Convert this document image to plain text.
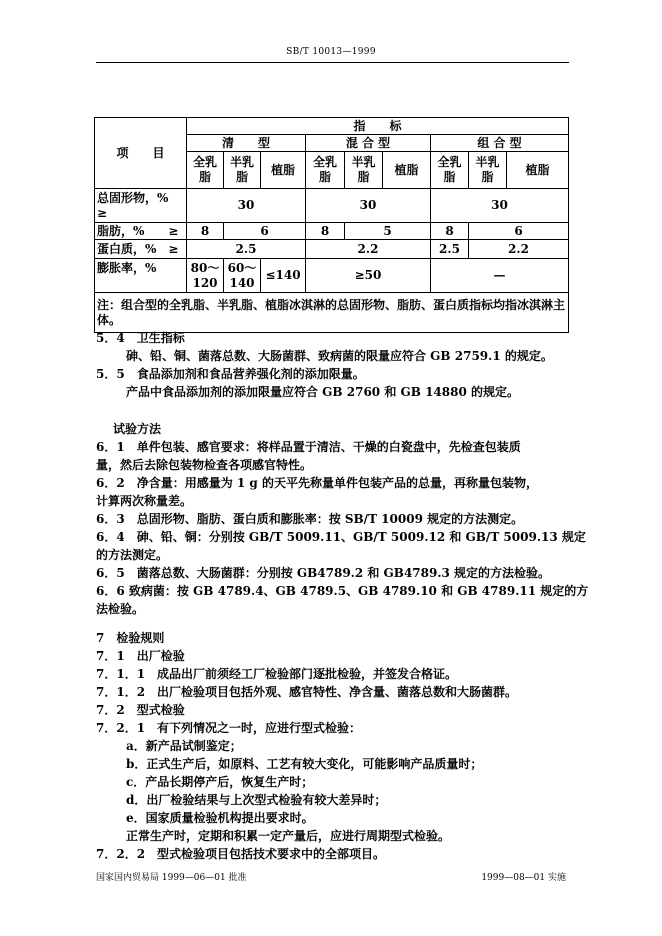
SB/T 10013—1999
项　　目	指　　标								
	清　　型			混 合 型			组 合 型		
	全乳脂	半乳脂	植脂	全乳脂	半乳脂	植脂	全乳脂	半乳脂	植脂
总固形物，%　　≥	30			30			30		
脂肪，%　　≥	8	6		8	5		8	6	
蛋白质，%　≥	2.5			2.2			2.5	2.2	
膨胀率，%	80～120	60～140	≤140	≥50			—		
注：组合型的全乳脂、半乳脂、植脂冰淇淋的总固形物、脂肪、蛋白质指标均指冰淇淋主体。									
5．4　卫生指标
砷、铅、铜、菌落总数、大肠菌群、致病菌的限量应符合 GB 2759.1 的规定。
5．5　食品添加剂和食品营养强化剂的添加限量。
产品中食品添加剂的添加限量应符合 GB 2760 和 GB 14880 的规定。
试验方法
6．1　单件包装、感官要求：将样品置于清洁、干燥的白瓷盘中，先检查包装质
量，然后去除包装物检查各项感官特性。
6．2　净含量：用感量为 1 g 的天平先称量单件包装产品的总量，再称量包装物，
计算两次称量差。
6．3　总固形物、脂肪、蛋白质和膨胀率：按 SB/T 10009 规定的方法测定。
6．4　砷、铅、铜：分别按 GB/T 5009.11、GB/T 5009.12 和 GB/T 5009.13 规定
的方法测定。
6．5　菌落总数、大肠菌群：分别按 GB4789.2 和 GB4789.3 规定的方法检验。
6．6 致病菌：按 GB 4789.4、GB 4789.5、GB 4789.10 和 GB 4789.11 规定的方
法检验。
7　检验规则
7．1　出厂检验
7．1．1　成品出厂前须经工厂检验部门逐批检验，并签发合格证。
7．1．2　出厂检验项目包括外观、感官特性、净含量、菌落总数和大肠菌群。
7．2　型式检验
7．2．1　有下列情况之一时，应进行型式检验：
a．新产品试制鉴定；
b．正式生产后，如原料、工艺有较大变化，可能影响产品质量时；
c．产品长期停产后，恢复生产时；
d．出厂检验结果与上次型式检验有较大差异时；
e．国家质量检验机构提出要求时。
正常生产时，定期和积累一定产量后，应进行周期型式检验。
7．2．2　型式检验项目包括技术要求中的全部项目。
国家国内贸易局 1999—06—01 批准	1999—08—01 实施
